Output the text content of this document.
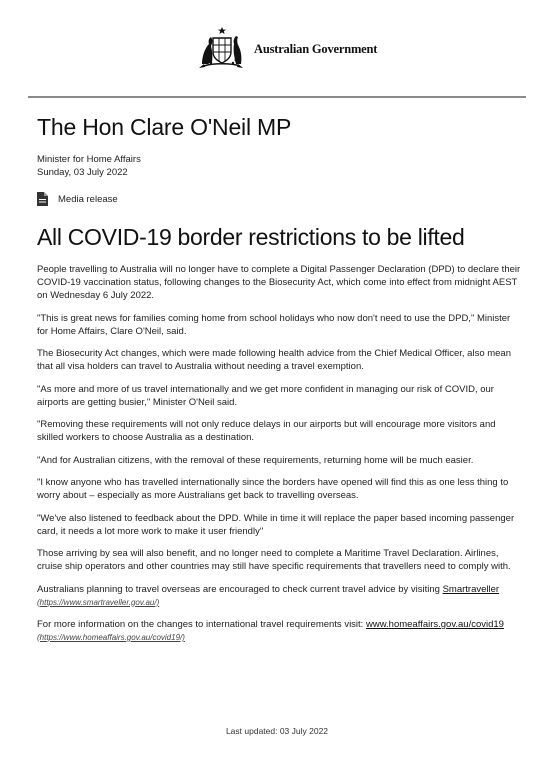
Australian Government
The Hon Clare O'Neil MP
Minister for Home Affairs
Sunday, 03 July 2022
Media release
All COVID-19 border restrictions to be lifted

People travelling to Australia will no longer have to complete a Digital Passenger Declaration (DPD) to declare their COVID-19 vaccination status, following changes to the Biosecurity Act, which come into effect from midnight AEST on Wednesday 6 July 2022.

"This is great news for families coming home from school holidays who now don't need to use the DPD," Minister for Home Affairs, Clare O'Neil, said.

The Biosecurity Act changes, which were made following health advice from the Chief Medical Officer, also mean that all visa holders can travel to Australia without needing a travel exemption.

"As more and more of us travel internationally and we get more confident in managing our risk of COVID, our airports are getting busier," Minister O'Neil said.

"Removing these requirements will not only reduce delays in our airports but will encourage more visitors and skilled workers to choose Australia as a destination.

"And for Australian citizens, with the removal of these requirements, returning home will be much easier.

"I know anyone who has travelled internationally since the borders have opened will find this as one less thing to worry about – especially as more Australians get back to travelling overseas.

"We've also listened to feedback about the DPD. While in time it will replace the paper based incoming passenger card, it needs a lot more work to make it user friendly"

Those arriving by sea will also benefit, and no longer need to complete a Maritime Travel Declaration. Airlines, cruise ship operators and other countries may still have specific requirements that travellers need to comply with.

Australians planning to travel overseas are encouraged to check current travel advice by visiting Smartraveller
(https://www.smartraveller.gov.au/)

For more information on the changes to international travel requirements visit: www.homeaffairs.gov.au/covid19
(https://www.homeaffairs.gov.au/covid19/)

Last updated: 03 July 2022
